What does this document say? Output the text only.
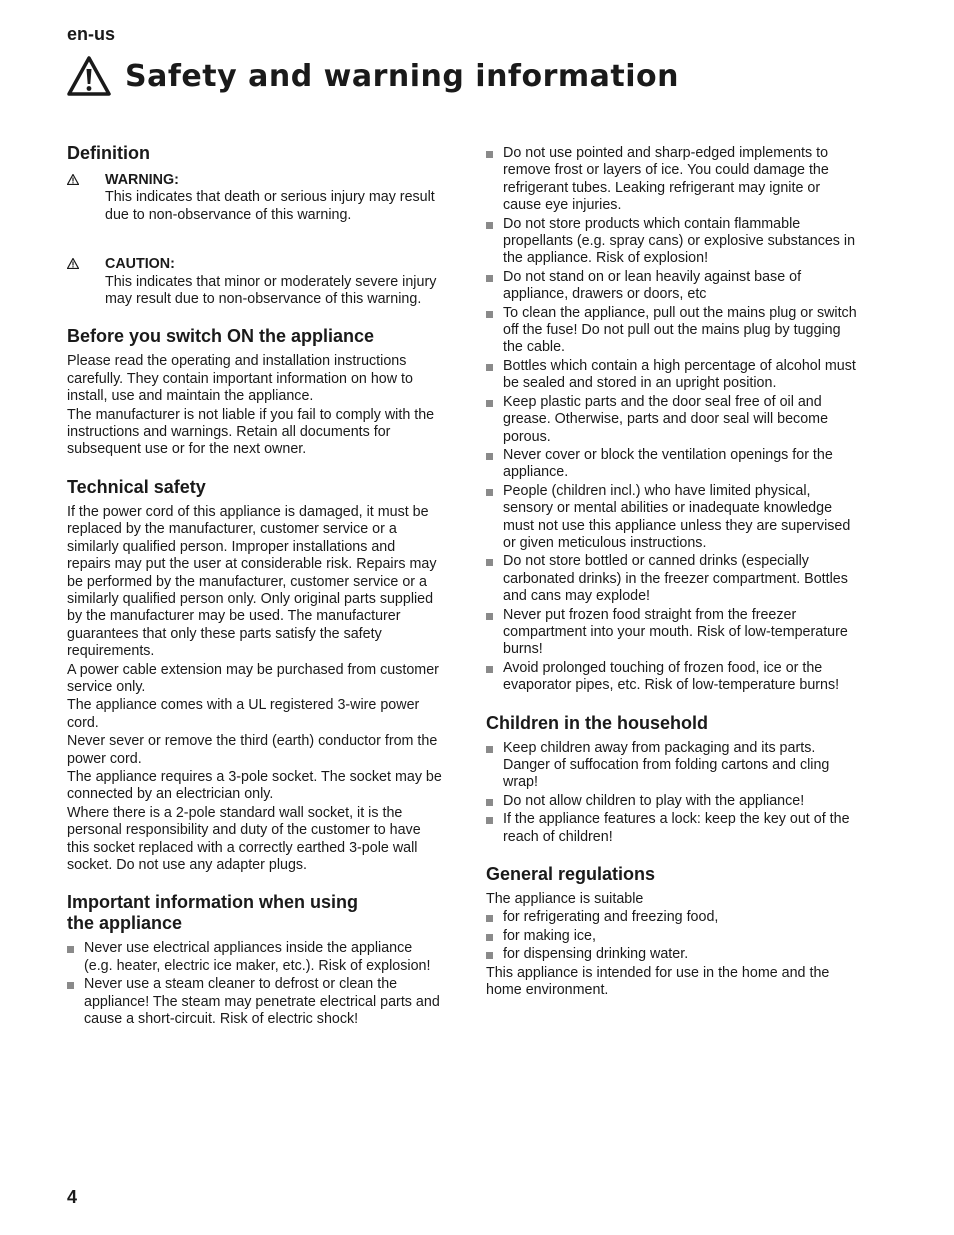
en-us
Safety and warning information
Definition
WARNING:
This indicates that death or serious injury may result due to non-observance of this warning.
CAUTION:
This indicates that minor or moderately severe injury may result due to non-observance of this warning.
Before you switch ON the appliance

Please read the operating and installation instructions carefully. They contain important information on how to install, use and maintain the appliance.

The manufacturer is not liable if you fail to comply with the instructions and warnings. Retain all documents for subsequent use or for the next owner.

Technical safety

If the power cord of this appliance is damaged, it must be replaced by the manufacturer, customer service or a similarly qualified person. Improper installations and repairs may put the user at considerable risk. Repairs may be performed by the manufacturer, customer service or a similarly qualified person only. Only original parts supplied by the manufacturer may be used. The manufacturer guarantees that only these parts satisfy the safety requirements.

A power cable extension may be purchased from customer service only.

The appliance comes with a UL registered 3-wire power cord.

Never sever or remove the third (earth) conductor from the power cord.

The appliance requires a 3-pole socket. The socket may be connected by an electrician only.

Where there is a 2-pole standard wall socket, it is the personal responsibility and duty of the customer to have this socket replaced with a correctly earthed 3-pole wall socket. Do not use any adapter plugs.

Important information when using the appliance
Never use electrical appliances inside the appliance (e.g. heater, electric ice maker, etc.). Risk of explosion!
Never use a steam cleaner to defrost or clean the appliance! The steam may penetrate electrical parts and cause a short-circuit. Risk of electric shock!
Do not use pointed and sharp-edged implements to remove frost or layers of ice. You could damage the refrigerant tubes. Leaking refrigerant may ignite or cause eye injuries.
Do not store products which contain flammable propellants (e.g. spray cans) or explosive substances in the appliance. Risk of explosion!
Do not stand on or lean heavily against base of appliance, drawers or doors, etc
To clean the appliance, pull out the mains plug or switch off the fuse! Do not pull out the mains plug by tugging the cable.
Bottles which contain a high percentage of alcohol must be sealed and stored in an upright position.
Keep plastic parts and the door seal free of oil and grease. Otherwise, parts and door seal will become porous.
Never cover or block the ventilation openings for the appliance.
People (children incl.) who have limited physical, sensory or mental abilities or inadequate knowledge must not use this appliance unless they are supervised or given meticulous instructions.
Do not store bottled or canned drinks (especially carbonated drinks) in the freezer compartment. Bottles and cans may explode!
Never put frozen food straight from the freezer compartment into your mouth. Risk of low-temperature burns!
Avoid prolonged touching of frozen food, ice or the evaporator pipes, etc. Risk of low-temperature burns!
Children in the household
Keep children away from packaging and its parts. Danger of suffocation from folding cartons and cling wrap!
Do not allow children to play with the appliance!
If the appliance features a lock: keep the key out of the reach of children!
General regulations

The appliance is suitable

for refrigerating and freezing food,
for making ice,
for dispensing drinking water.

This appliance is intended for use in the home and the home environment.

4
